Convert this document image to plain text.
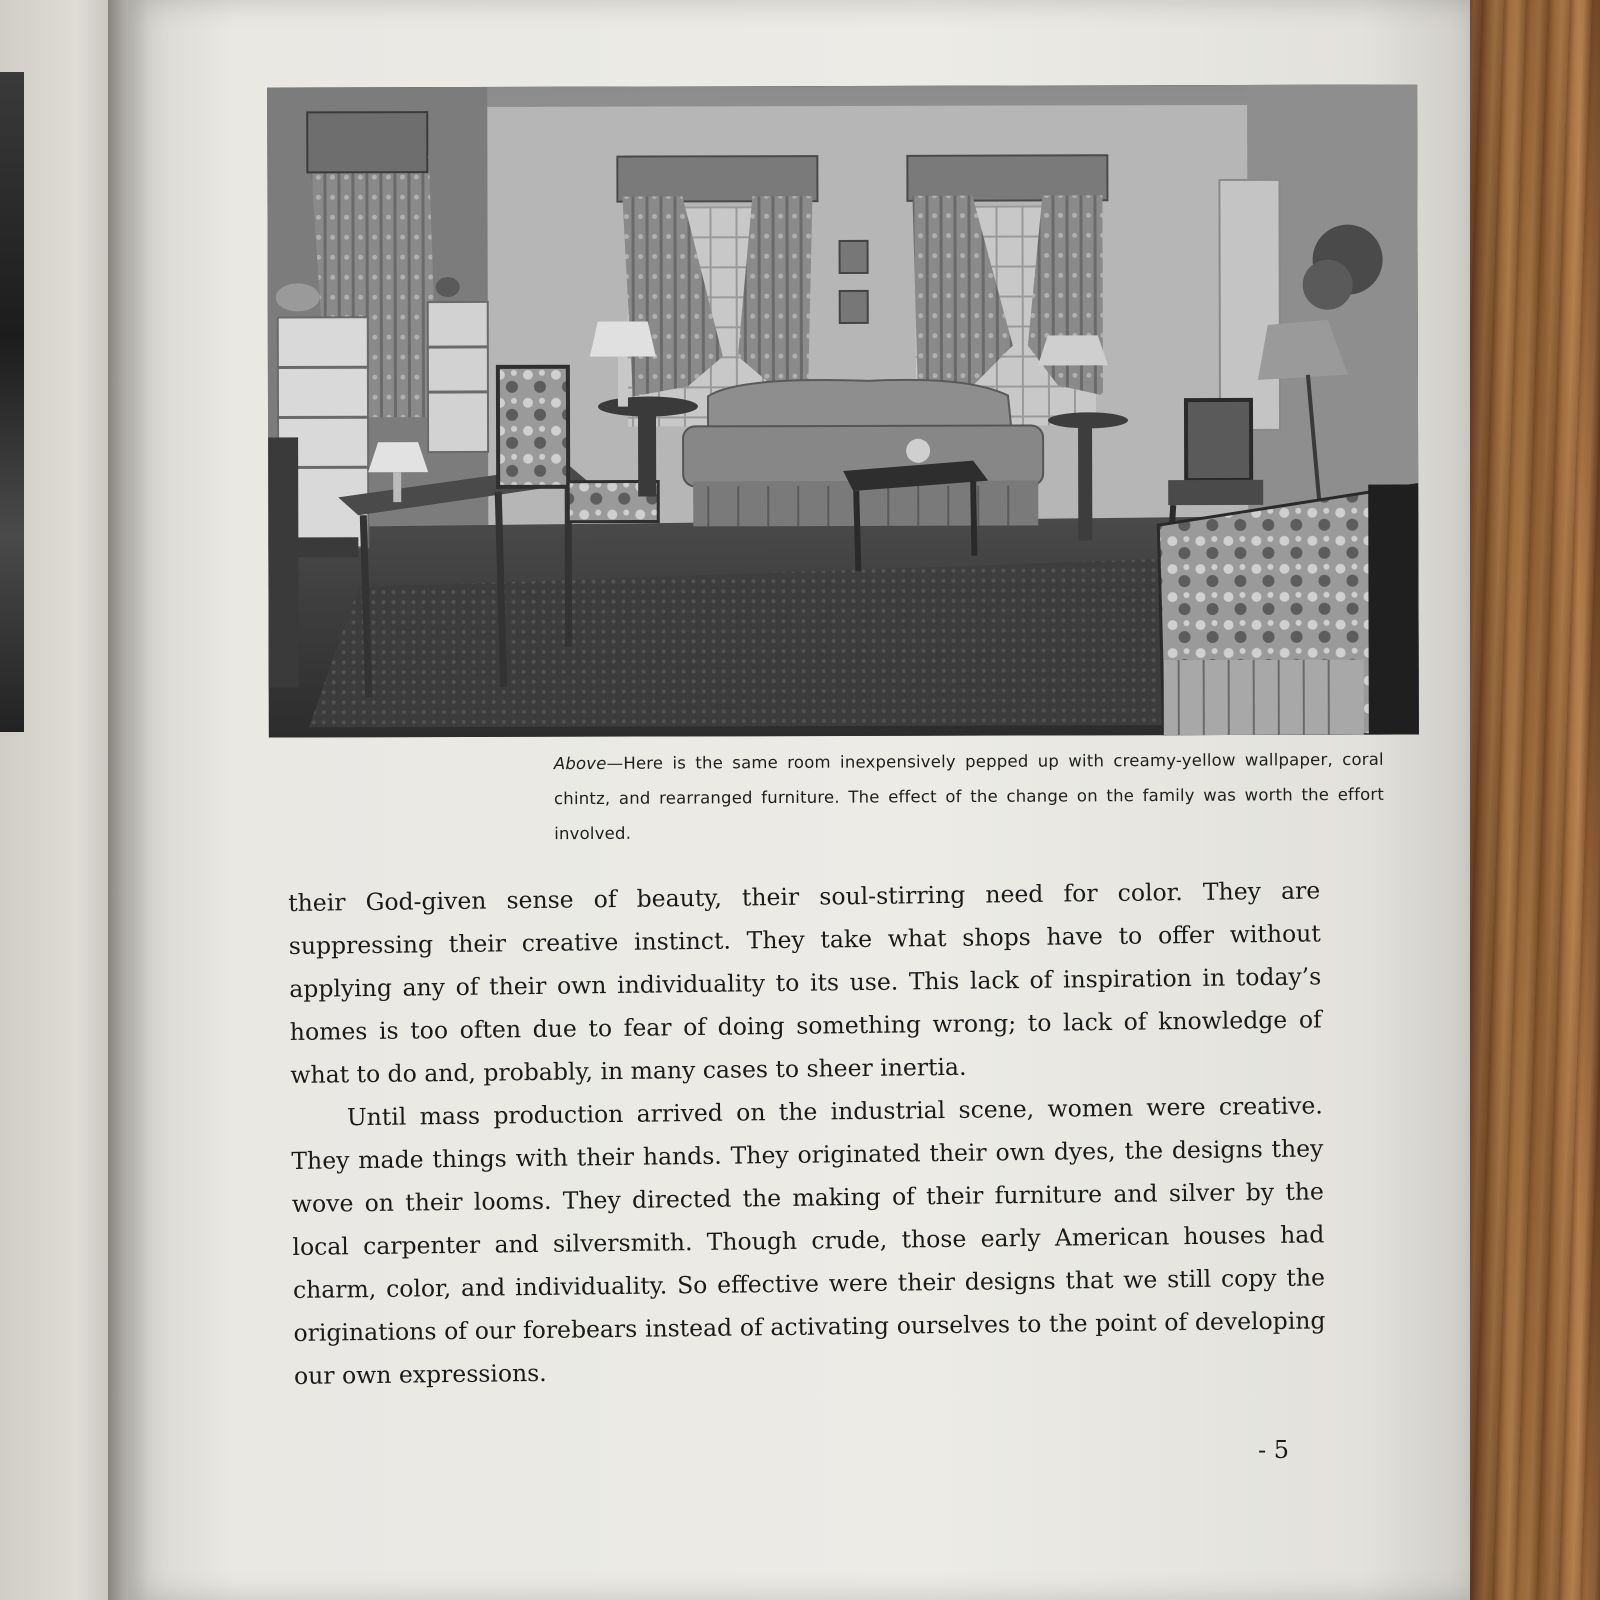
Above—Here is the same room inexpensively pepped up with creamy-yellow wallpaper, coral chintz, and rearranged furniture. The effect of the change on the family was worth the effort involved.

their God-given sense of beauty, their soul-stirring need for color. They are suppressing their creative instinct. They take what shops have to offer without applying any of their own individuality to its use. This lack of inspiration in today’s homes is too often due to fear of doing something wrong; to lack of knowledge of what to do and, probably, in many cases to sheer inertia.

Until mass production arrived on the industrial scene, women were creative. They made things with their hands. They originated their own dyes, the designs they wove on their looms. They directed the making of their furniture and silver by the local carpenter and silversmith. Though crude, those early American houses had charm, color, and individuality. So effective were their designs that we still copy the originations of our forebears instead of activating ourselves to the point of developing our own expressions.

- 5
